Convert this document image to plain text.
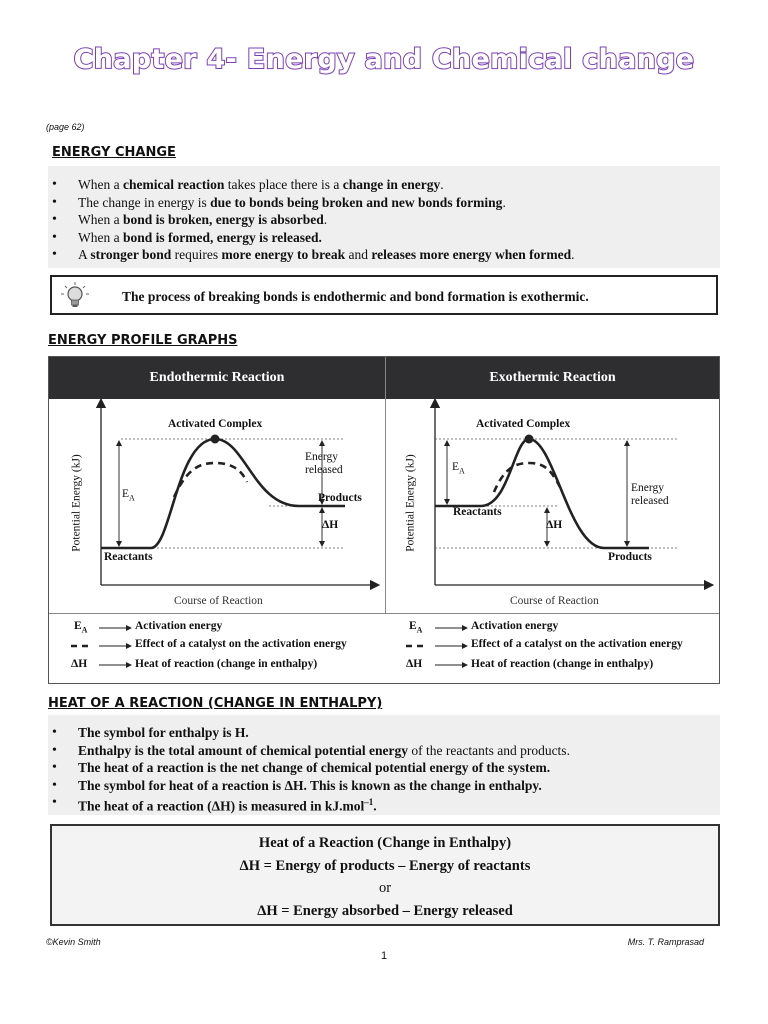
Chapter 4- Energy and Chemical change
(page 62)
ENERGY CHANGE
• When a chemical reaction takes place there is a change in energy.
• The change in energy is due to bonds being broken and new bonds forming.
• When a bond is broken, energy is absorbed.
• When a bond is formed, energy is released.
• A stronger bond requires more energy to break and releases more energy when formed.
The process of breaking bonds is endothermic and bond formation is exothermic.
ENERGY PROFILE GRAPHS
Endothermic Reaction	Exothermic Reaction
Activated Complex
Potential Energy (kJ)	$E_A$
Energy
released
Products
ΔH
Reactants
Course of Reaction
Activated Complex
Potential Energy (kJ)	$E_A$
Reactants
ΔH
Energy
released
Products
Course of Reaction
$E_A$	Activation energy
Effect of a catalyst on the activation energy
ΔH	Heat of reaction (change in enthalpy)
$E_A$	Activation energy
Effect of a catalyst on the activation energy
ΔH	Heat of reaction (change in enthalpy)
HEAT OF A REACTION (CHANGE IN ENTHALPY)
• The symbol for enthalpy is H.
• Enthalpy is the total amount of chemical potential energy of the reactants and products.
• The heat of a reaction is the net change of chemical potential energy of the system.
• The symbol for heat of a reaction is ΔH. This is known as the change in enthalpy.
• The heat of a reaction (ΔH) is measured in kJ.mol$^{-1}$.
Heat of a Reaction (Change in Enthalpy)
ΔH = Energy of products – Energy of reactants
or
ΔH = Energy absorbed – Energy released
©Kevin Smith	Mrs. T. Ramprasad
1
